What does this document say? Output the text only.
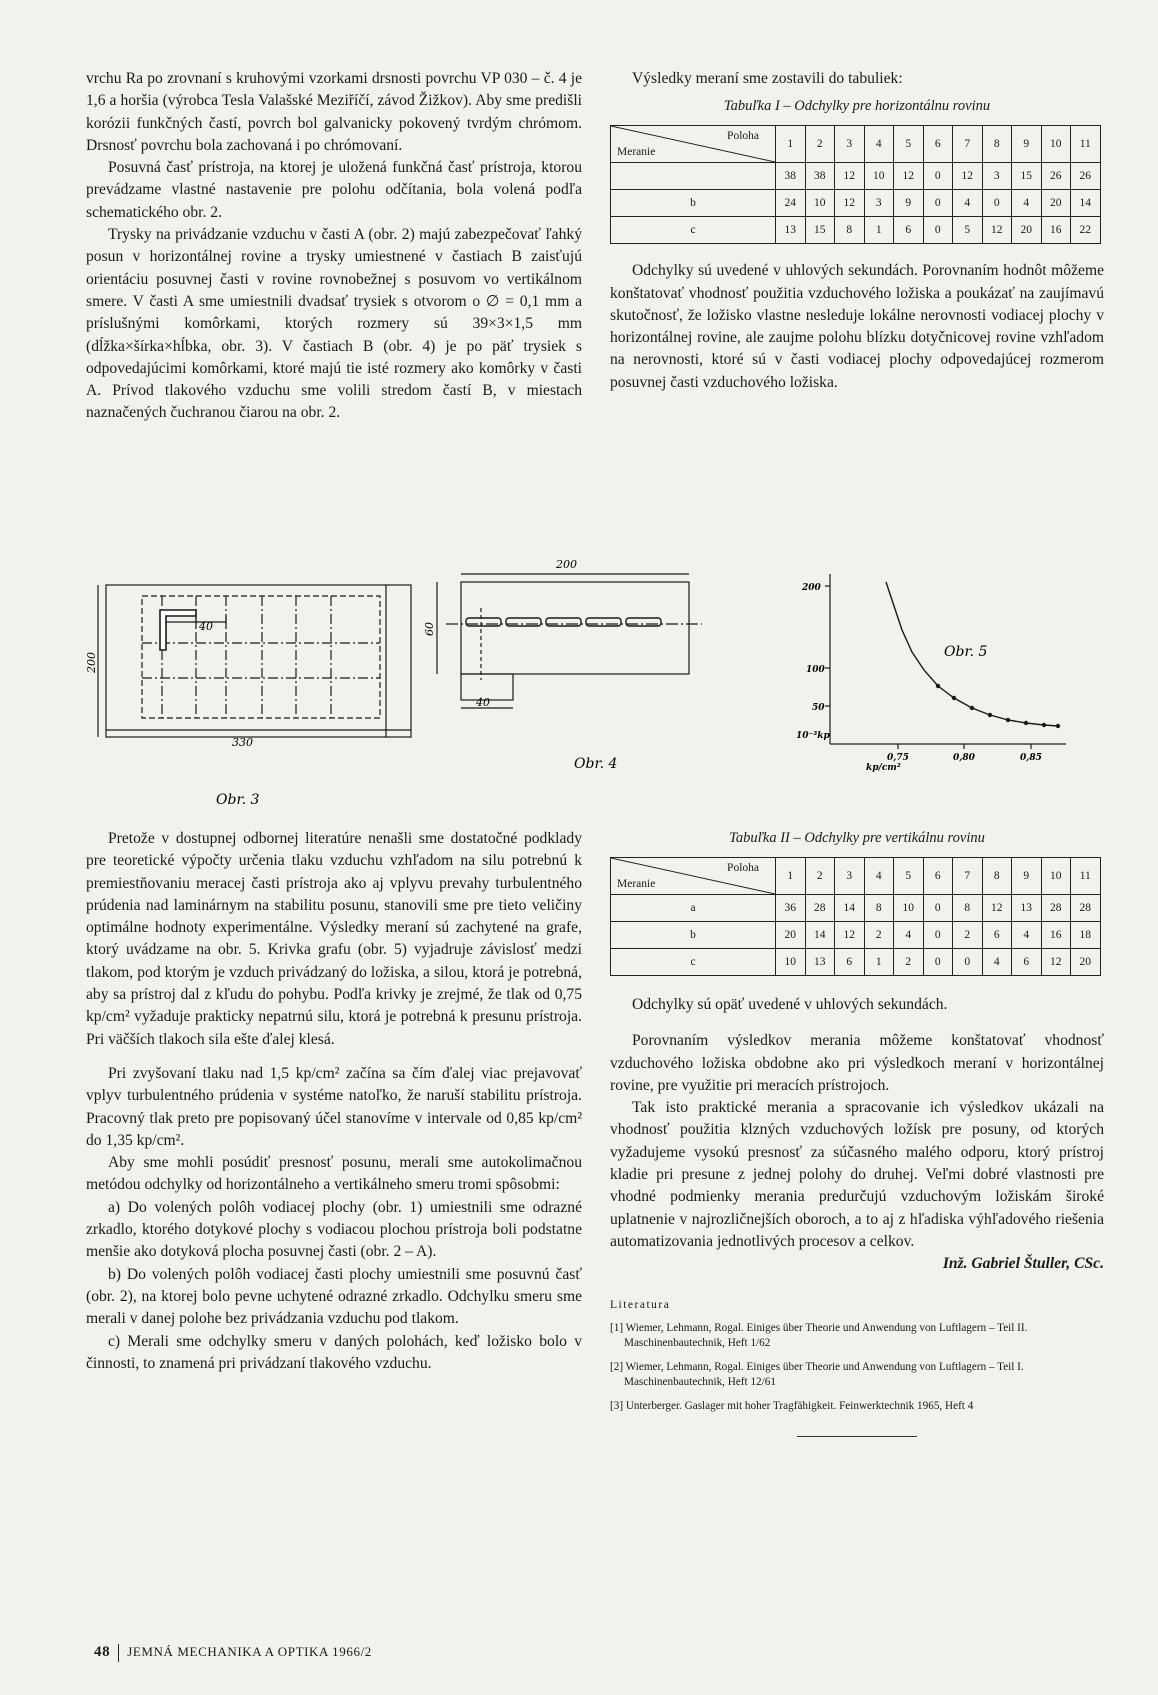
vrchu Ra po zrovnaní s kruhovými vzorkami drsnosti povrchu VP 030 – č. 4 je 1,6 a horšia (výrobca Tesla Valašské Meziříčí, závod Žižkov). Aby sme predišli korózii funkčných častí, povrch bol galvanicky pokovený tvrdým chrómom. Drsnosť povrchu bola zachovaná i po chrómovaní.

Posuvná časť prístroja, na ktorej je uložená funkčná časť prístroja, ktorou prevádzame vlastné nastavenie pre polohu odčítania, bola volená podľa schematického obr. 2.

Trysky na privádzanie vzduchu v časti A (obr. 2) majú zabezpečovať ľahký posun v horizontálnej rovine a trysky umiestnené v častiach B zaisťujú orientáciu posuvnej časti v rovine rovnobežnej s posuvom vo vertikálnom smere. V časti A sme umiestnili dvadsať trysiek s otvorom o ∅ = 0,1 mm a príslušnými komôrkami, ktorých rozmery sú 39×3×1,5 mm (dĺžka×šírka×hĺbka, obr. 3). V častiach B (obr. 4) je po päť trysiek s odpovedajúcimi komôrkami, ktoré majú tie isté rozmery ako komôrky v časti A. Prívod tlakového vzduchu sme volili stredom častí B, v miestach naznačených čuchranou čiarou na obr. 2.

Pretože v dostupnej odbornej literatúre nenašli sme dostatočné podklady pre teoretické výpočty určenia tlaku vzduchu vzhľadom na silu potrebnú k premiestňovaniu meracej časti prístroja ako aj vplyvu prevahy turbulentného prúdenia nad laminárnym na stabilitu posunu, stanovili sme pre tieto veličiny optimálne hodnoty experimentálne. Výsledky meraní sú zachytené na grafe, ktorý uvádzame na obr. 5. Krivka grafu (obr. 5) vyjadruje závislosť medzi tlakom, pod ktorým je vzduch privádzaný do ložiska, a silou, ktorá je potrebná, aby sa prístroj dal z kľudu do pohybu. Podľa krivky je zrejmé, že tlak od 0,75 kp/cm² vyžaduje prakticky nepatrnú silu, ktorá je potrebná k presunu prístroja. Pri väčších tlakoch sila ešte ďalej klesá.

Pri zvyšovaní tlaku nad 1,5 kp/cm² začína sa čím ďalej viac prejavovať vplyv turbulentného prúdenia v systéme natoľko, že naruší stabilitu prístroja. Pracovný tlak preto pre popisovaný účel stanovíme v intervale od 0,85 kp/cm² do 1,35 kp/cm².

Aby sme mohli posúdiť presnosť posunu, merali sme autokolimačnou metódou odchylky od horizontálneho a vertikálneho smeru tromi spôsobmi:

a) Do volených polôh vodiacej plochy (obr. 1) umiestnili sme odrazné zrkadlo, ktorého dotykové plochy s vodiacou plochou prístroja boli podstatne menšie ako dotyková plocha posuvnej časti (obr. 2 – A).

b) Do volených polôh vodiacej časti plochy umiestnili sme posuvnú časť (obr. 2), na ktorej bolo pevne uchytené odrazné zrkadlo. Odchylku smeru sme merali v danej polohe bez privádzania vzduchu pod tlakom.

c) Merali sme odchylky smeru v daných polohách, keď ložisko bolo v činnosti, to znamená pri privádzaní tlakového vzduchu.

Výsledky meraní sme zostavili do tabuliek:

Tabuľka I – Odchylky pre horizontálnu rovinu
Poloha
Meranie	1	2	3	4	5	6	7	8	9	10	11
	38	38	12	10	12	0	12	3	15	26	26
b	24	10	12	3	9	0	4	0	4	20	14
c	13	15	8	1	6	0	5	12	20	16	22

Odchylky sú uvedené v uhlových sekundách. Porovnaním hodnôt môžeme konštatovať vhodnosť použitia vzduchového ložiska a poukázať na zaujímavú skutočnosť, že ložisko vlastne nesleduje lokálne nerovnosti vodiacej plochy v horizontálnej rovine, ale zaujme polohu blízku dotyčnicovej rovine vzhľadom na nerovnosti, ktoré sú v časti vodiacej plochy odpovedajúcej rozmerom posuvnej časti vzduchového ložiska.

40
200
330
Obr. 3
200
60
40
Obr. 4
200
100
50
10⁻³kp
kp/cm²
0,75	0,80	0,85
Obr. 5
Tabuľka II – Odchylky pre vertikálnu rovinu
Poloha
Meranie	1	2	3	4	5	6	7	8	9	10	11
a	36	28	14	8	10	0	8	12	13	28	28
b	20	14	12	2	4	0	2	6	4	16	18
c	10	13	6	1	2	0	0	4	6	12	20

Odchylky sú opäť uvedené v uhlových sekundách.

Porovnaním výsledkov merania môžeme konštatovať vhodnosť vzduchového ložiska obdobne ako pri výsledkoch meraní v horizontálnej rovine, pre využitie pri meracích prístrojoch.

Tak isto praktické merania a spracovanie ich výsledkov ukázali na vhodnosť použitia klzných vzduchových ložísk pre posuny, od ktorých vyžadujeme vysokú presnosť za súčasného malého odporu, ktorý prístroj kladie pri presune z jednej polohy do druhej. Veľmi dobré vlastnosti pre vhodné podmienky merania predurčujú vzduchovým ložiskám široké uplatnenie v najrozličnejších oboroch, a to aj z hľadiska výhľadového riešenia automatizovania jednotlivých procesov a celkov.

Inž. Gabriel Štuller, CSc.

Literatura
[1] Wiemer, Lehmann, Rogal. Einiges über Theorie und Anwendung von Luftlagern – Teil II. Maschinenbautechnik, Heft 1/62
[2] Wiemer, Lehmann, Rogal. Einiges über Theorie und Anwendung von Luftlagern – Teil I. Maschinenbautechnik, Heft 12/61
[3] Unterberger. Gaslager mit hoher Tragfähigkeit. Feinwerktechnik 1965, Heft 4
48 JEMNÁ MECHANIKA A OPTIKA 1966/2
